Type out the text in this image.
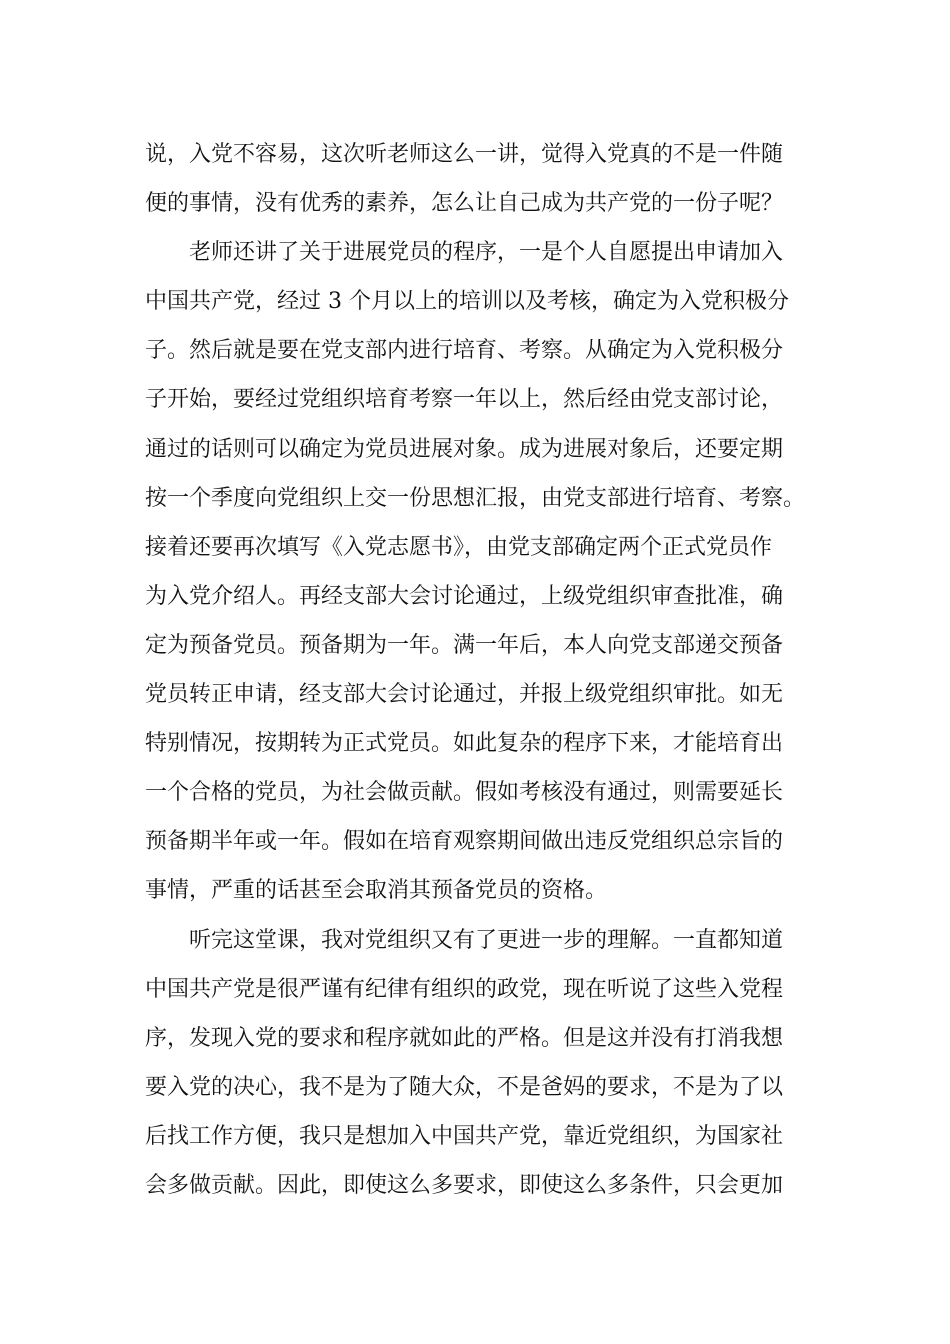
说，入党不容易，这次听老师这么一讲，觉得入党真的不是一件随
便的事情，没有优秀的素养，怎么让自己成为共产党的一份子呢？
老师还讲了关于进展党员的程序，一是个人自愿提出申请加入
中国共产党，经过 3 个月以上的培训以及考核，确定为入党积极分
子。然后就是要在党支部内进行培育、考察。从确定为入党积极分
子开始，要经过党组织培育考察一年以上，然后经由党支部讨论，
通过的话则可以确定为党员进展对象。成为进展对象后，还要定期
按一个季度向党组织上交一份思想汇报，由党支部进行培育、考察。
接着还要再次填写《入党志愿书》，由党支部确定两个正式党员作
为入党介绍人。再经支部大会讨论通过，上级党组织审查批准，确
定为预备党员。预备期为一年。满一年后，本人向党支部递交预备
党员转正申请，经支部大会讨论通过，并报上级党组织审批。如无
特别情况，按期转为正式党员。如此复杂的程序下来，才能培育出
一个合格的党员，为社会做贡献。假如考核没有通过，则需要延长
预备期半年或一年。假如在培育观察期间做出违反党组织总宗旨的
事情，严重的话甚至会取消其预备党员的资格。
听完这堂课，我对党组织又有了更进一步的理解。一直都知道
中国共产党是很严谨有纪律有组织的政党，现在听说了这些入党程
序，发现入党的要求和程序就如此的严格。但是这并没有打消我想
要入党的决心，我不是为了随大众，不是爸妈的要求，不是为了以
后找工作方便，我只是想加入中国共产党，靠近党组织，为国家社
会多做贡献。因此，即使这么多要求，即使这么多条件，只会更加
